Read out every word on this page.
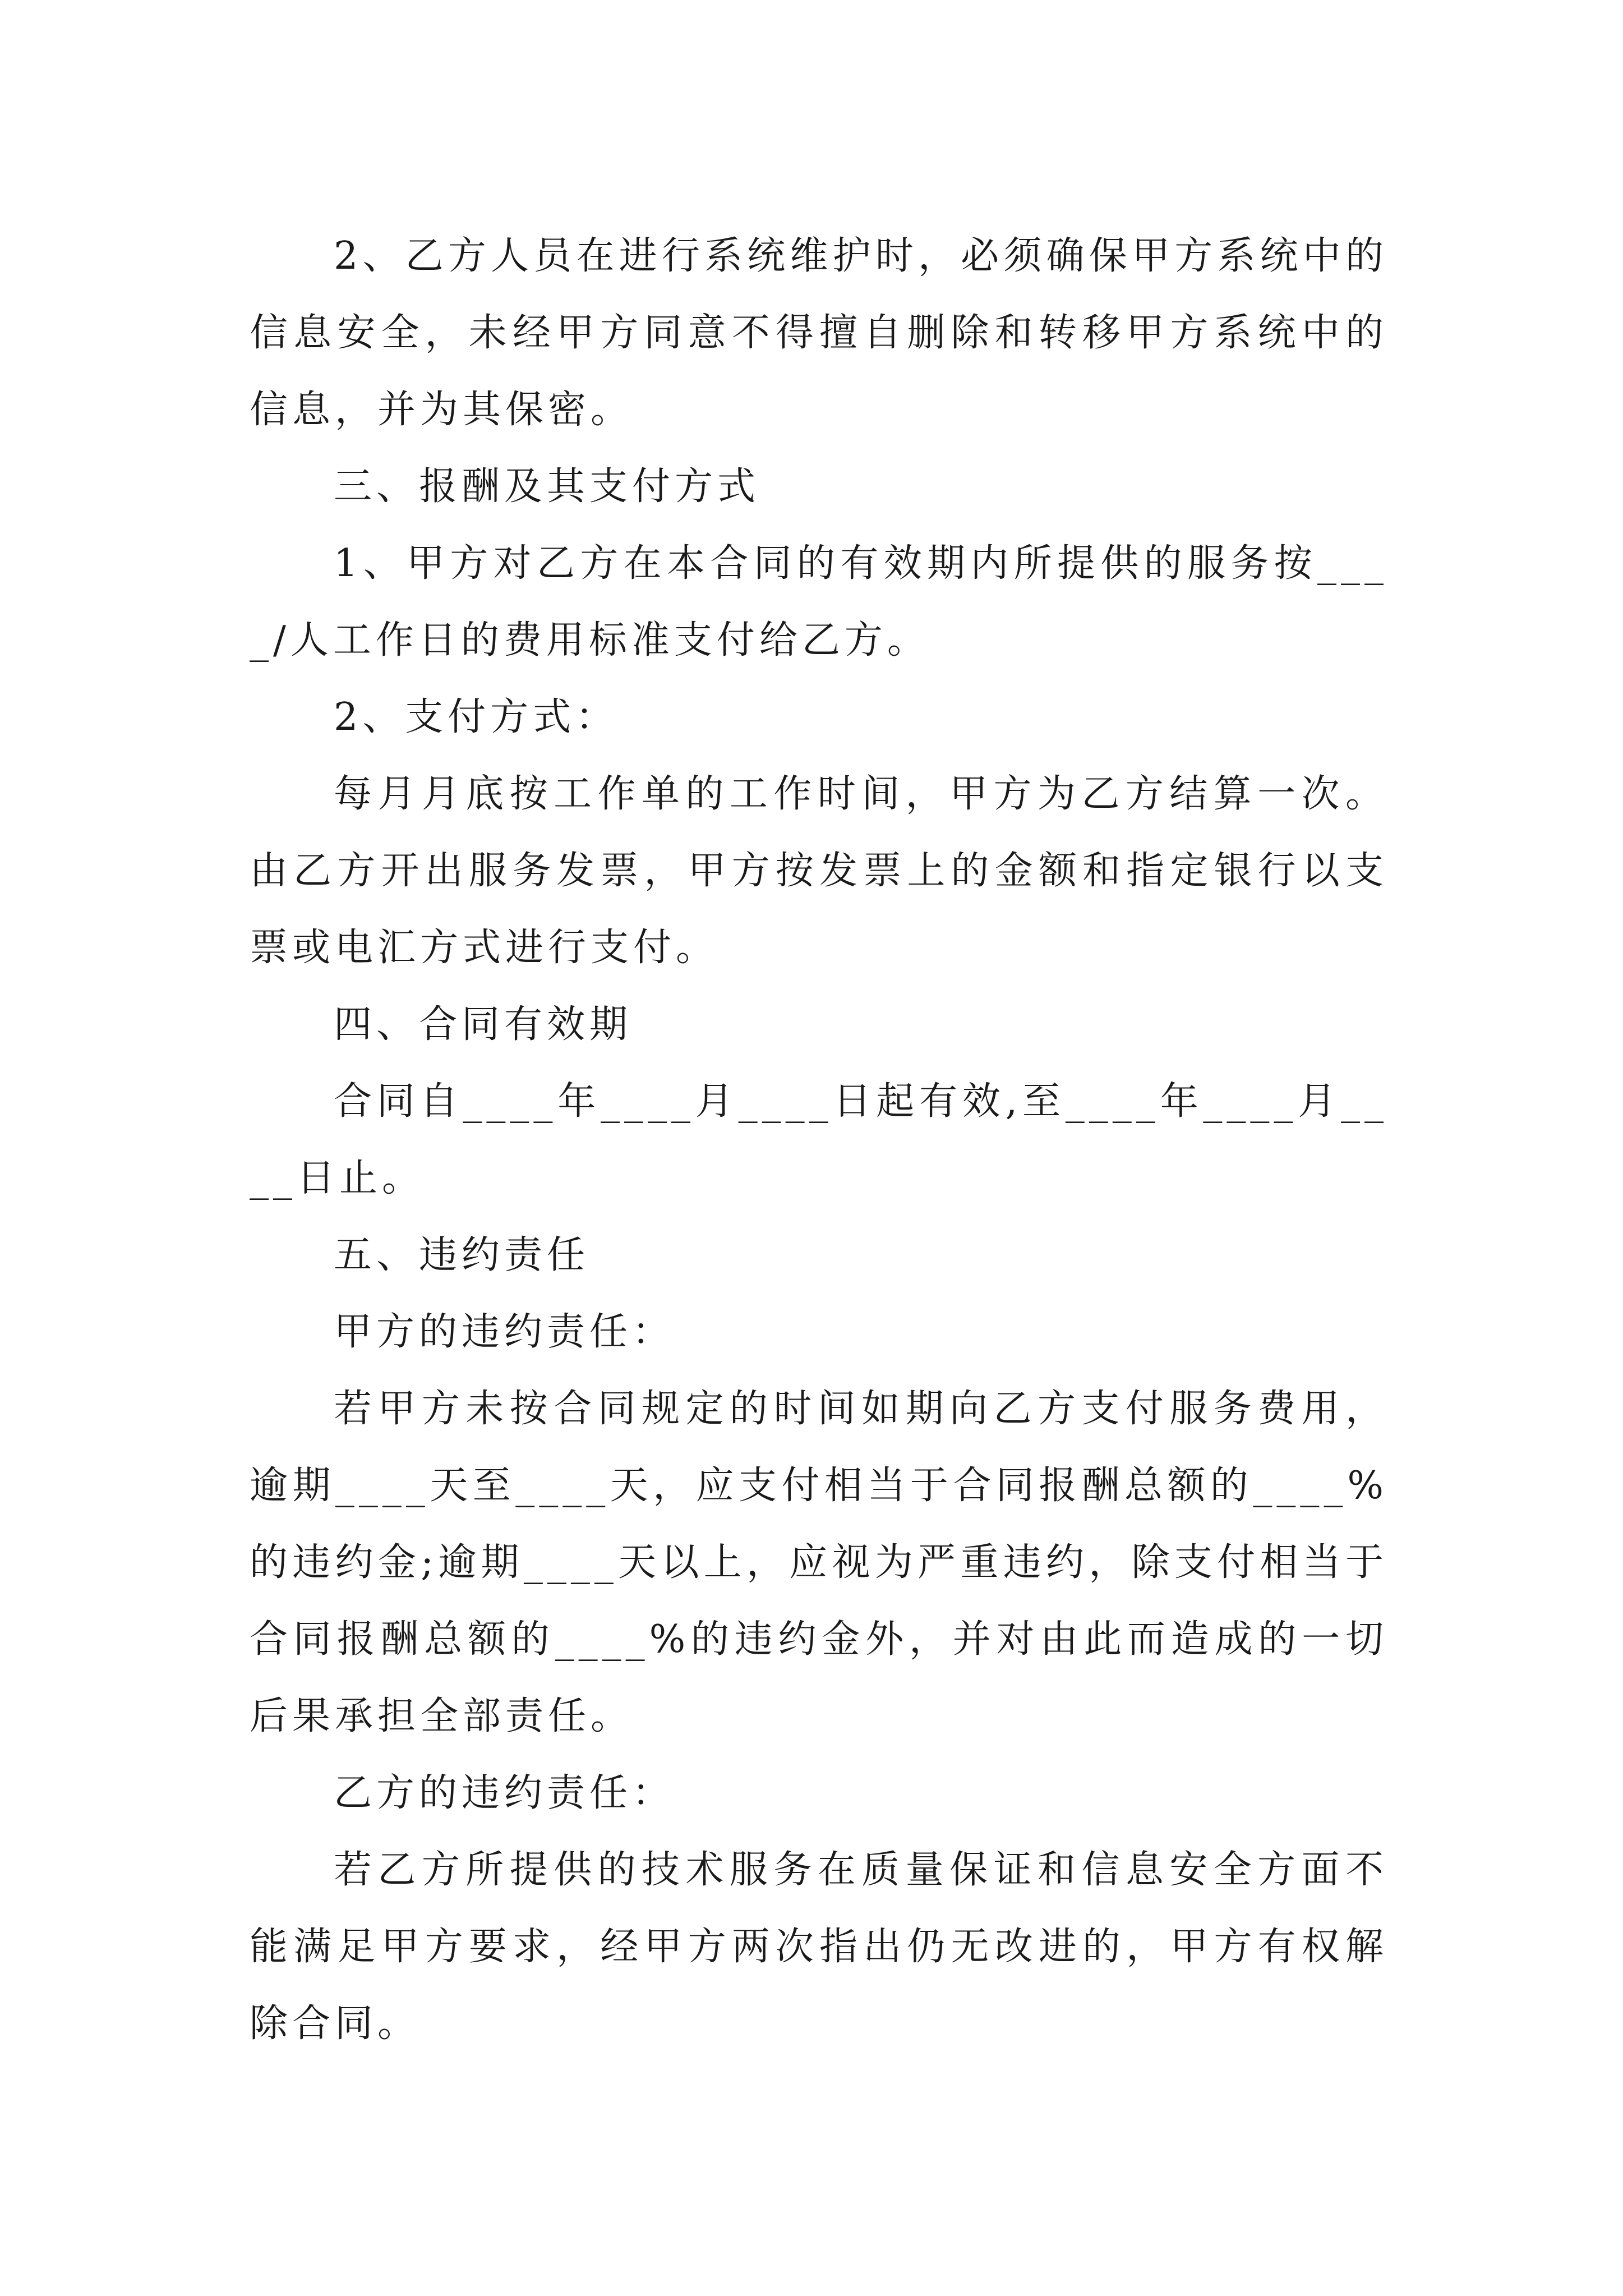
2、乙方人员在进行系统维护时，必须确保甲方系统中的信息安全，未经甲方同意不得擅自删除和转移甲方系统中的信息，并为其保密。

三、报酬及其支付方式

1、甲方对乙方在本合同的有效期内所提供的服务按____/人工作日的费用标准支付给乙方。

2、支付方式：

每月月底按工作单的工作时间，甲方为乙方结算一次。由乙方开出服务发票，甲方按发票上的金额和指定银行以支票或电汇方式进行支付。

四、合同有效期

合同自____年____月____日起有效,至____年____月____日止。

五、违约责任

甲方的违约责任：

若甲方未按合同规定的时间如期向乙方支付服务费用，逾期____天至____天，应支付相当于合同报酬总额的____%的违约金;逾期____天以上，应视为严重违约，除支付相当于合同报酬总额的____%的违约金外，并对由此而造成的一切后果承担全部责任。

乙方的违约责任：

若乙方所提供的技术服务在质量保证和信息安全方面不能满足甲方要求，经甲方两次指出仍无改进的，甲方有权解除合同。
